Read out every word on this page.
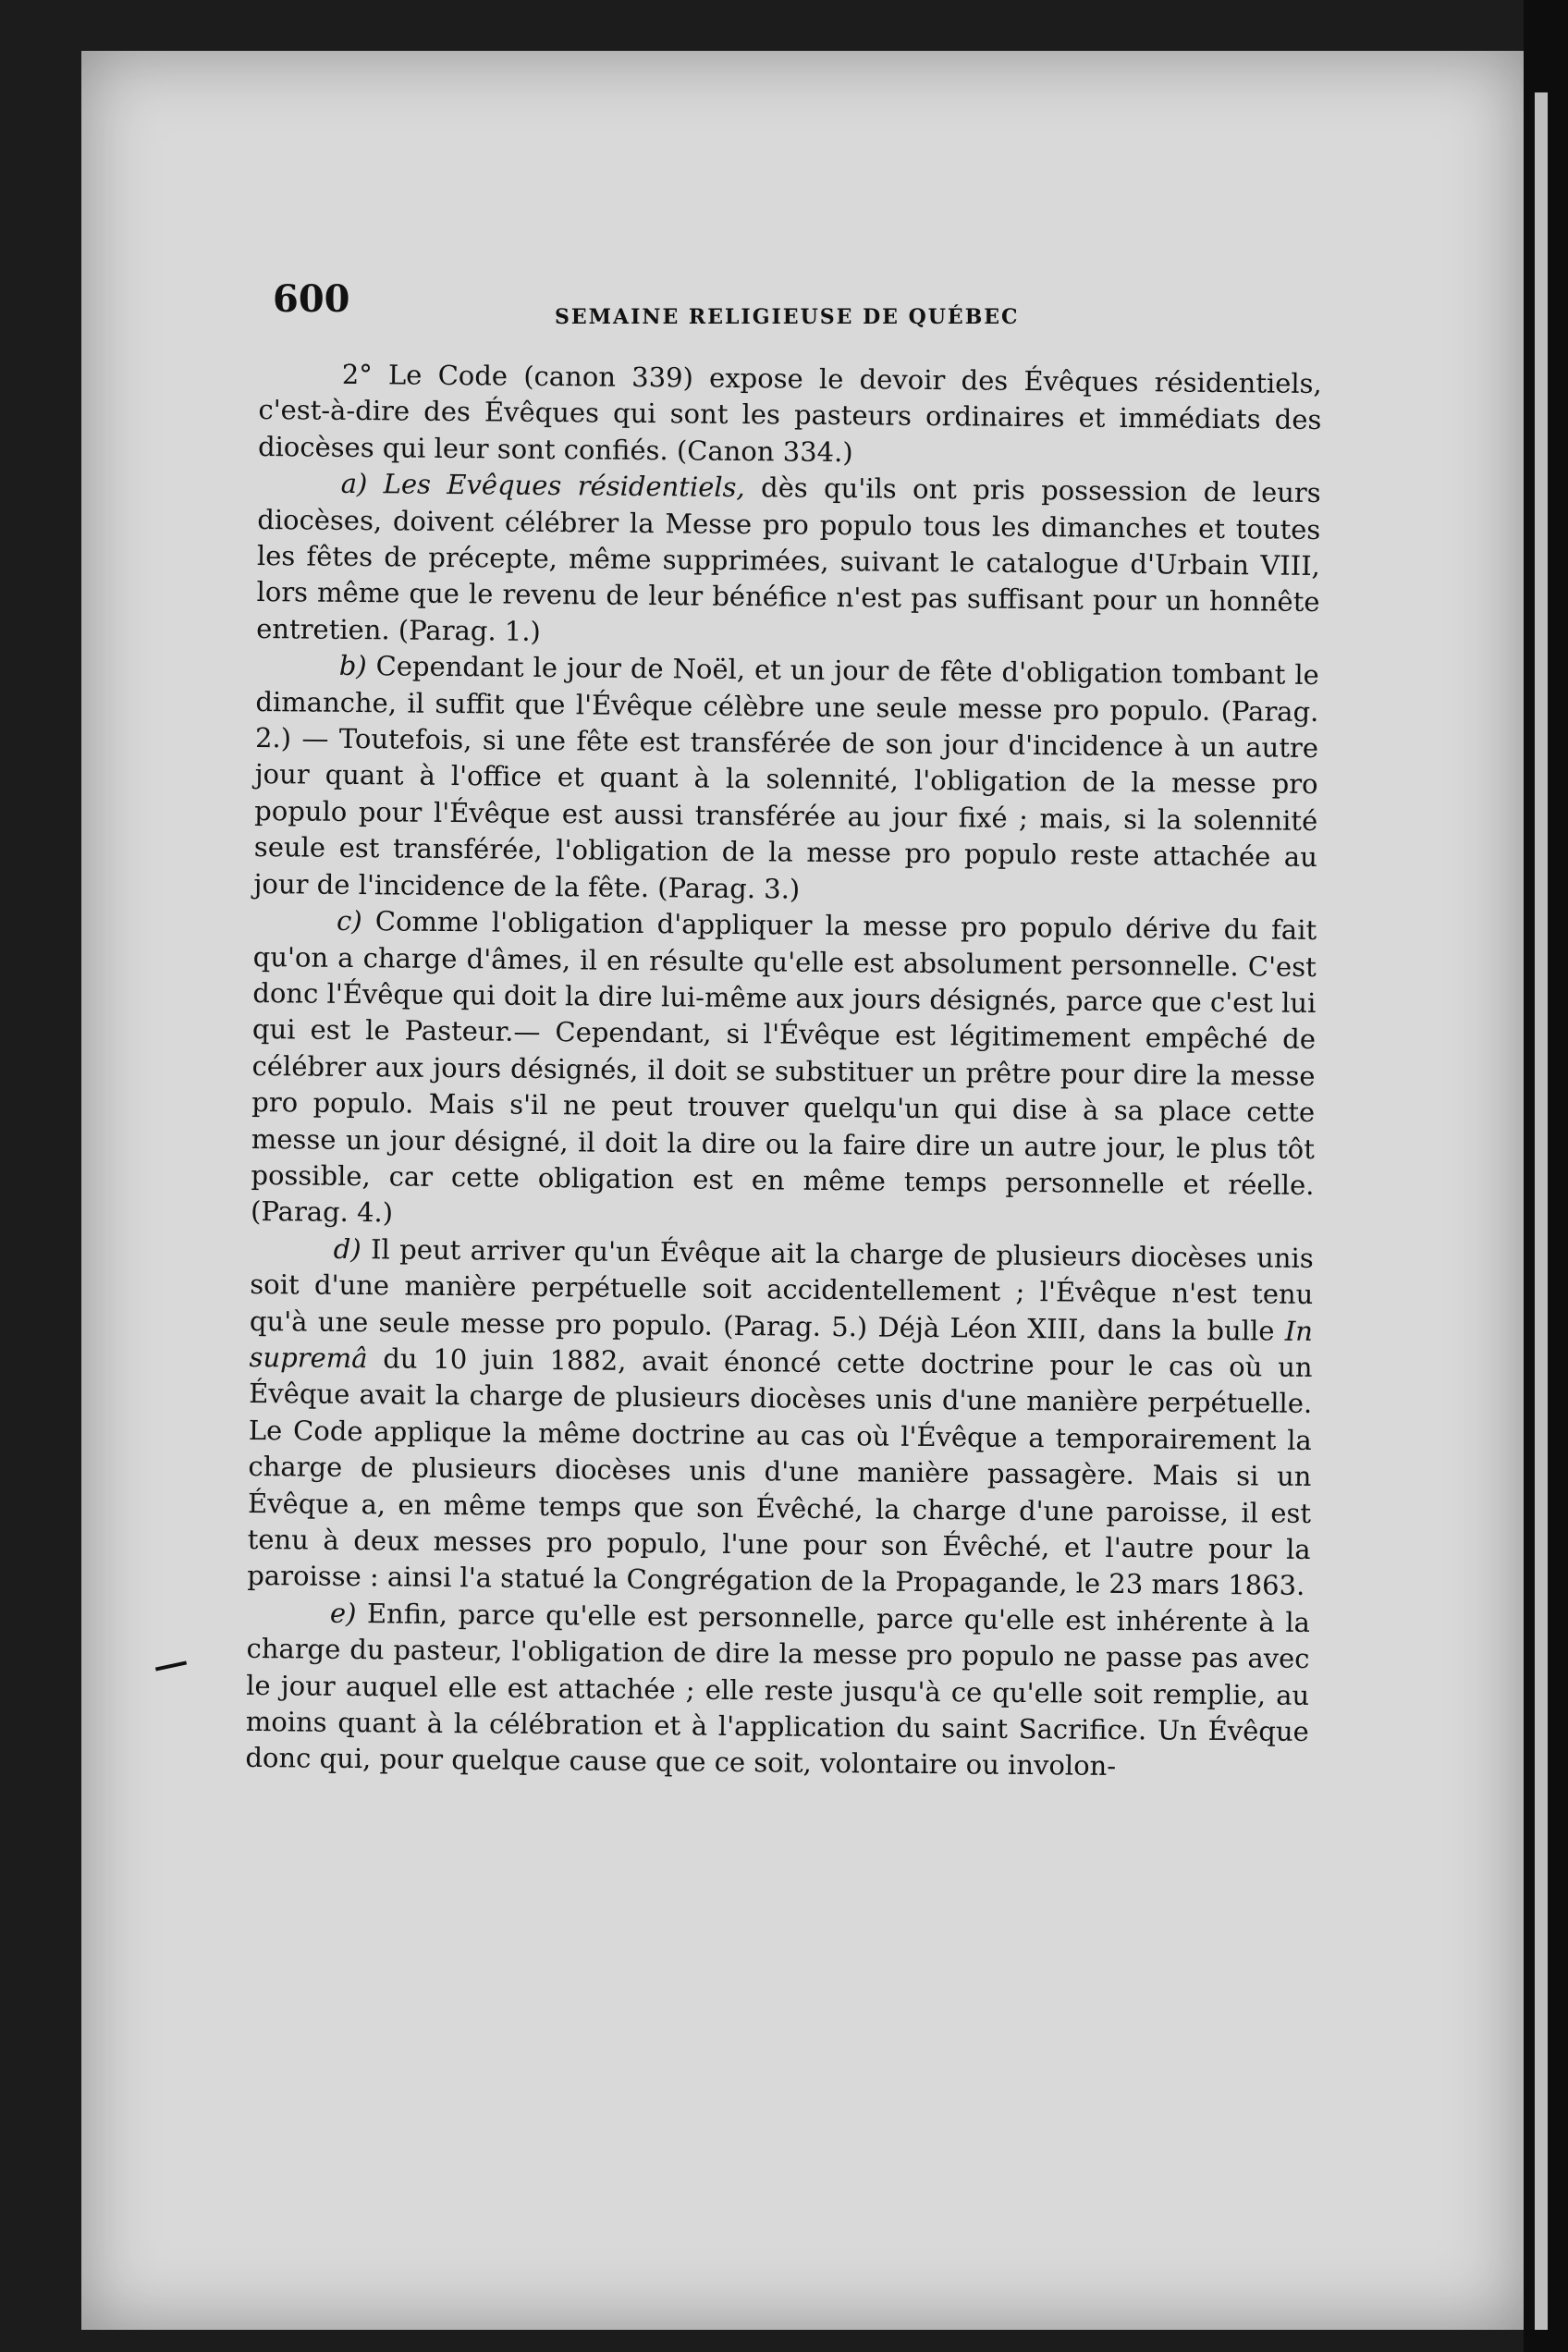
600	SEMAINE RELIGIEUSE DE QUÉBEC

2° Le Code (canon 339) expose le devoir des Évêques résidentiels, c'est-à-dire des Évêques qui sont les pasteurs ordinaires et immédiats des diocèses qui leur sont confiés. (Canon 334.)

a) Les Evêques résidentiels, dès qu'ils ont pris possession de leurs diocèses, doivent célébrer la Messe pro populo tous les dimanches et toutes les fêtes de précepte, même supprimées, suivant le catalogue d'Urbain VIII, lors même que le revenu de leur bénéfice n'est pas suffisant pour un honnête entretien. (Parag. 1.)

b) Cependant le jour de Noël, et un jour de fête d'obligation tombant le dimanche, il suffit que l'Évêque célèbre une seule messe pro populo. (Parag. 2.) — Toutefois, si une fête est transférée de son jour d'incidence à un autre jour quant à l'office et quant à la solennité, l'obligation de la messe pro populo pour l'Évêque est aussi transférée au jour fixé ; mais, si la solennité seule est transférée, l'obligation de la messe pro populo reste attachée au jour de l'incidence de la fête. (Parag. 3.)

c) Comme l'obligation d'appliquer la messe pro populo dérive du fait qu'on a charge d'âmes, il en résulte qu'elle est absolument personnelle. C'est donc l'Évêque qui doit la dire lui-même aux jours désignés, parce que c'est lui qui est le Pasteur.— Cependant, si l'Évêque est légitimement empêché de célébrer aux jours désignés, il doit se substituer un prêtre pour dire la messe pro populo. Mais s'il ne peut trouver quelqu'un qui dise à sa place cette messe un jour désigné, il doit la dire ou la faire dire un autre jour, le plus tôt possible, car cette obligation est en même temps personnelle et réelle. (Parag. 4.)

d) Il peut arriver qu'un Évêque ait la charge de plusieurs diocèses unis soit d'une manière perpétuelle soit accidentellement ; l'Évêque n'est tenu qu'à une seule messe pro populo. (Parag. 5.) Déjà Léon XIII, dans la bulle In supremâ du 10 juin 1882, avait énoncé cette doctrine pour le cas où un Évêque avait la charge de plusieurs diocèses unis d'une manière perpétuelle. Le Code applique la même doctrine au cas où l'Évêque a temporairement la charge de plusieurs diocèses unis d'une manière passagère. Mais si un Évêque a, en même temps que son Évêché, la charge d'une paroisse, il est tenu à deux messes pro populo, l'une pour son Évêché, et l'autre pour la paroisse : ainsi l'a statué la Congrégation de la Propagande, le 23 mars 1863.

e) Enfin, parce qu'elle est personnelle, parce qu'elle est inhérente à la charge du pasteur, l'obligation de dire la messe pro populo ne passe pas avec le jour auquel elle est attachée ; elle reste jusqu'à ce qu'elle soit remplie, au moins quant à la célébration et à l'application du saint Sacrifice. Un Évêque donc qui, pour quelque cause que ce soit, volontaire ou involon-
